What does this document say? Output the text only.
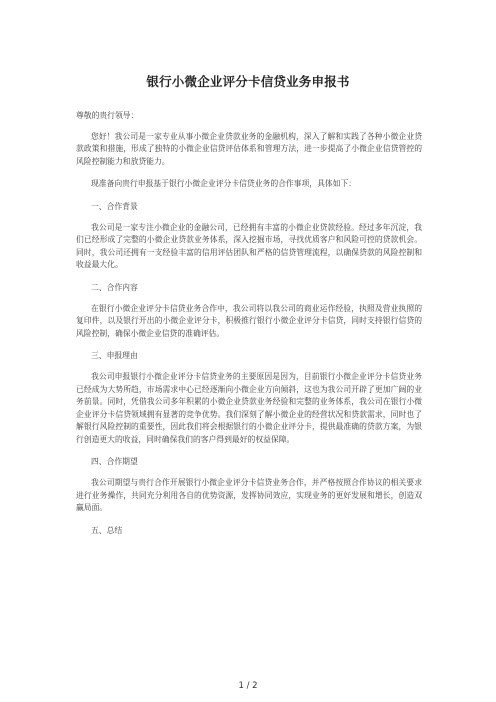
银行小微企业评分卡信贷业务申报书

尊敬的贵行领导：

您好！我公司是一家专业从事小微企业贷款业务的金融机构，深入了解和实践了各种小微企业贷款政策和措施，形成了独特的小微企业信贷评估体系和管理方法，进一步提高了小微企业信贷管控的风险控制能力和放贷能力。

现准备向贵行申报基于银行小微企业评分卡信贷业务的合作事项，具体如下：

一、合作背景

我公司是一家专注小微企业的金融公司，已经拥有丰富的小微企业贷款经验。经过多年沉淀，我们已经形成了完整的小微企业贷款业务体系，深入挖掘市场，寻找优质客户和风险可控的贷款机会。同时，我公司还拥有一支经验丰富的信用评估团队和严格的信贷管理流程，以确保贷款的风险控制和收益最大化。

二、合作内容

在银行小微企业评分卡信贷业务合作中，我公司将以我公司的商业运作经验，执照及营业执照的复印件，以及银行开出的小微企业评分卡，积极推行银行小微企业评分卡信贷，同时支持银行信贷的风险控制，确保小微企业信贷的准确评估。

三、申报理由

我公司申报银行小微企业评分卡信贷业务的主要原因是因为，目前银行小微企业评分卡信贷业务已经成为大势所趋，市场需求中心已经逐渐向小微企业方向倾斜，这也为我公司开辟了更加广阔的业务前景。同时，凭借我公司多年积累的小微企业贷款业务经验和完整的业务体系，我公司在银行小微企业评分卡信贷领域拥有显著的竞争优势。我们深刻了解小微企业的经营状况和贷款需求，同时也了解银行风险控制的重要性，因此我们将会根据银行的小微企业评分卡，提供最准确的贷款方案，为银行创造更大的收益，同时确保我们的客户得到最好的权益保障。

四、合作期望

我公司期望与贵行合作开展银行小微企业评分卡信贷业务合作，并严格按照合作协议的相关要求进行业务操作，共同充分利用各自的优势资源，发挥协同效应，实现业务的更好发展和增长，创造双赢局面。

五、总结
1 / 2
